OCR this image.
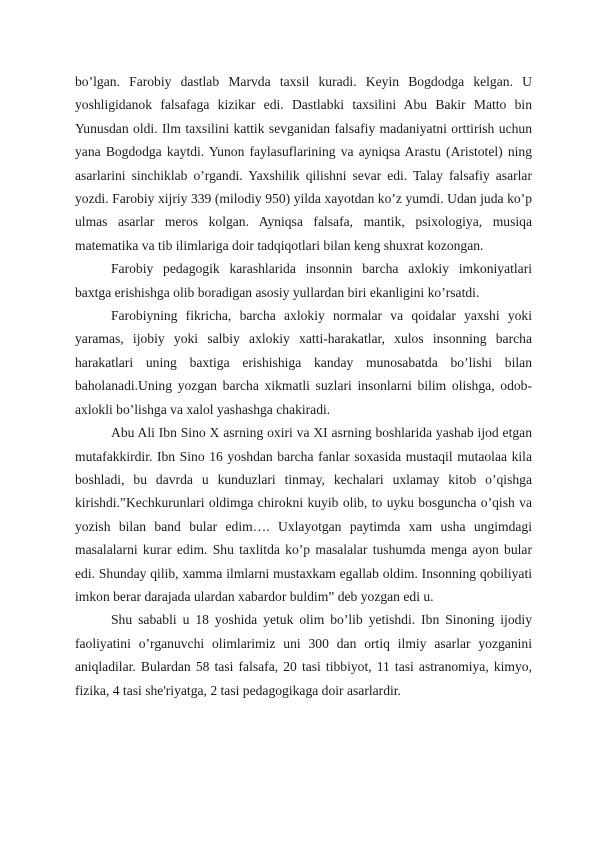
bo’lgan. Farobiy dastlab Marvda taxsil kuradi. Keyin Bogdodga kelgan. U yoshligidanok falsafaga kizikar edi. Dastlabki taxsilini Abu Bakir Matto bin Yunusdan oldi. Ilm taxsilini kattik sevganidan falsafiy madaniyatni orttirish uchun yana Bogdodga kaytdi. Yunon faylasuflarining va ayniqsa Arastu (Aristotel) ning asarlarini sinchiklab o’rgandi. Yaxshilik qilishni sevar edi. Talay falsafiy asarlar yozdi. Farobiy xijriy 339 (milodiy 950) yilda xayotdan ko’z yumdi. Udan juda ko’p ulmas asarlar meros kolgan. Ayniqsa falsafa, mantik, psixologiya, musiqa matematika va tib ilimlariga doir tadqiqotlari bilan keng shuxrat kozongan.

Farobiy pedagogik karashlarida insonnin barcha axlokiy imkoniyatlari baxtga erishishga olib boradigan asosiy yullardan biri ekanligini ko’rsatdi.

Farobiyning fikricha, barcha axlokiy normalar va qoidalar yaxshi yoki yaramas, ijobiy yoki salbiy axlokiy xatti-harakatlar, xulos insonning barcha harakatlari uning baxtiga erishishiga kanday munosabatda bo’lishi bilan baholanadi.Uning yozgan barcha xikmatli suzlari insonlarni bilim olishga, odob-axlokli bo’lishga va xalol yashashga chakiradi.

Abu Ali Ibn Sino X asrning oxiri va XI asrning boshlarida yashab ijod etgan mutafakkirdir. Ibn Sino 16 yoshdan barcha fanlar soxasida mustaqil mutaolaa kila boshladi, bu davrda u kunduzlari tinmay, kechalari uxlamay kitob o’qishga kirishdi.”Kechkurunlari oldimga chirokni kuyib olib, to uyku bosguncha o’qish va yozish bilan band bular edim…. Uxlayotgan paytimda xam usha ungimdagi masalalarni kurar edim. Shu taxlitda ko’p masalalar tushumda menga ayon bular edi. Shunday qilib, xamma ilmlarni mustaxkam egallab oldim. Insonning qobiliyati imkon berar darajada ulardan xabardor buldim” deb yozgan edi u.

Shu sababli u 18 yoshida yetuk olim bo’lib yetishdi. Ibn Sinoning ijodiy faoliyatini o’rganuvchi olimlarimiz uni 300 dan ortiq ilmiy asarlar yozganini aniqladilar. Bulardan 58 tasi falsafa, 20 tasi tibbiyot, 11 tasi astranomiya, kimyo, fizika, 4 tasi she'riyatga, 2 tasi pedagogikaga doir asarlardir.
